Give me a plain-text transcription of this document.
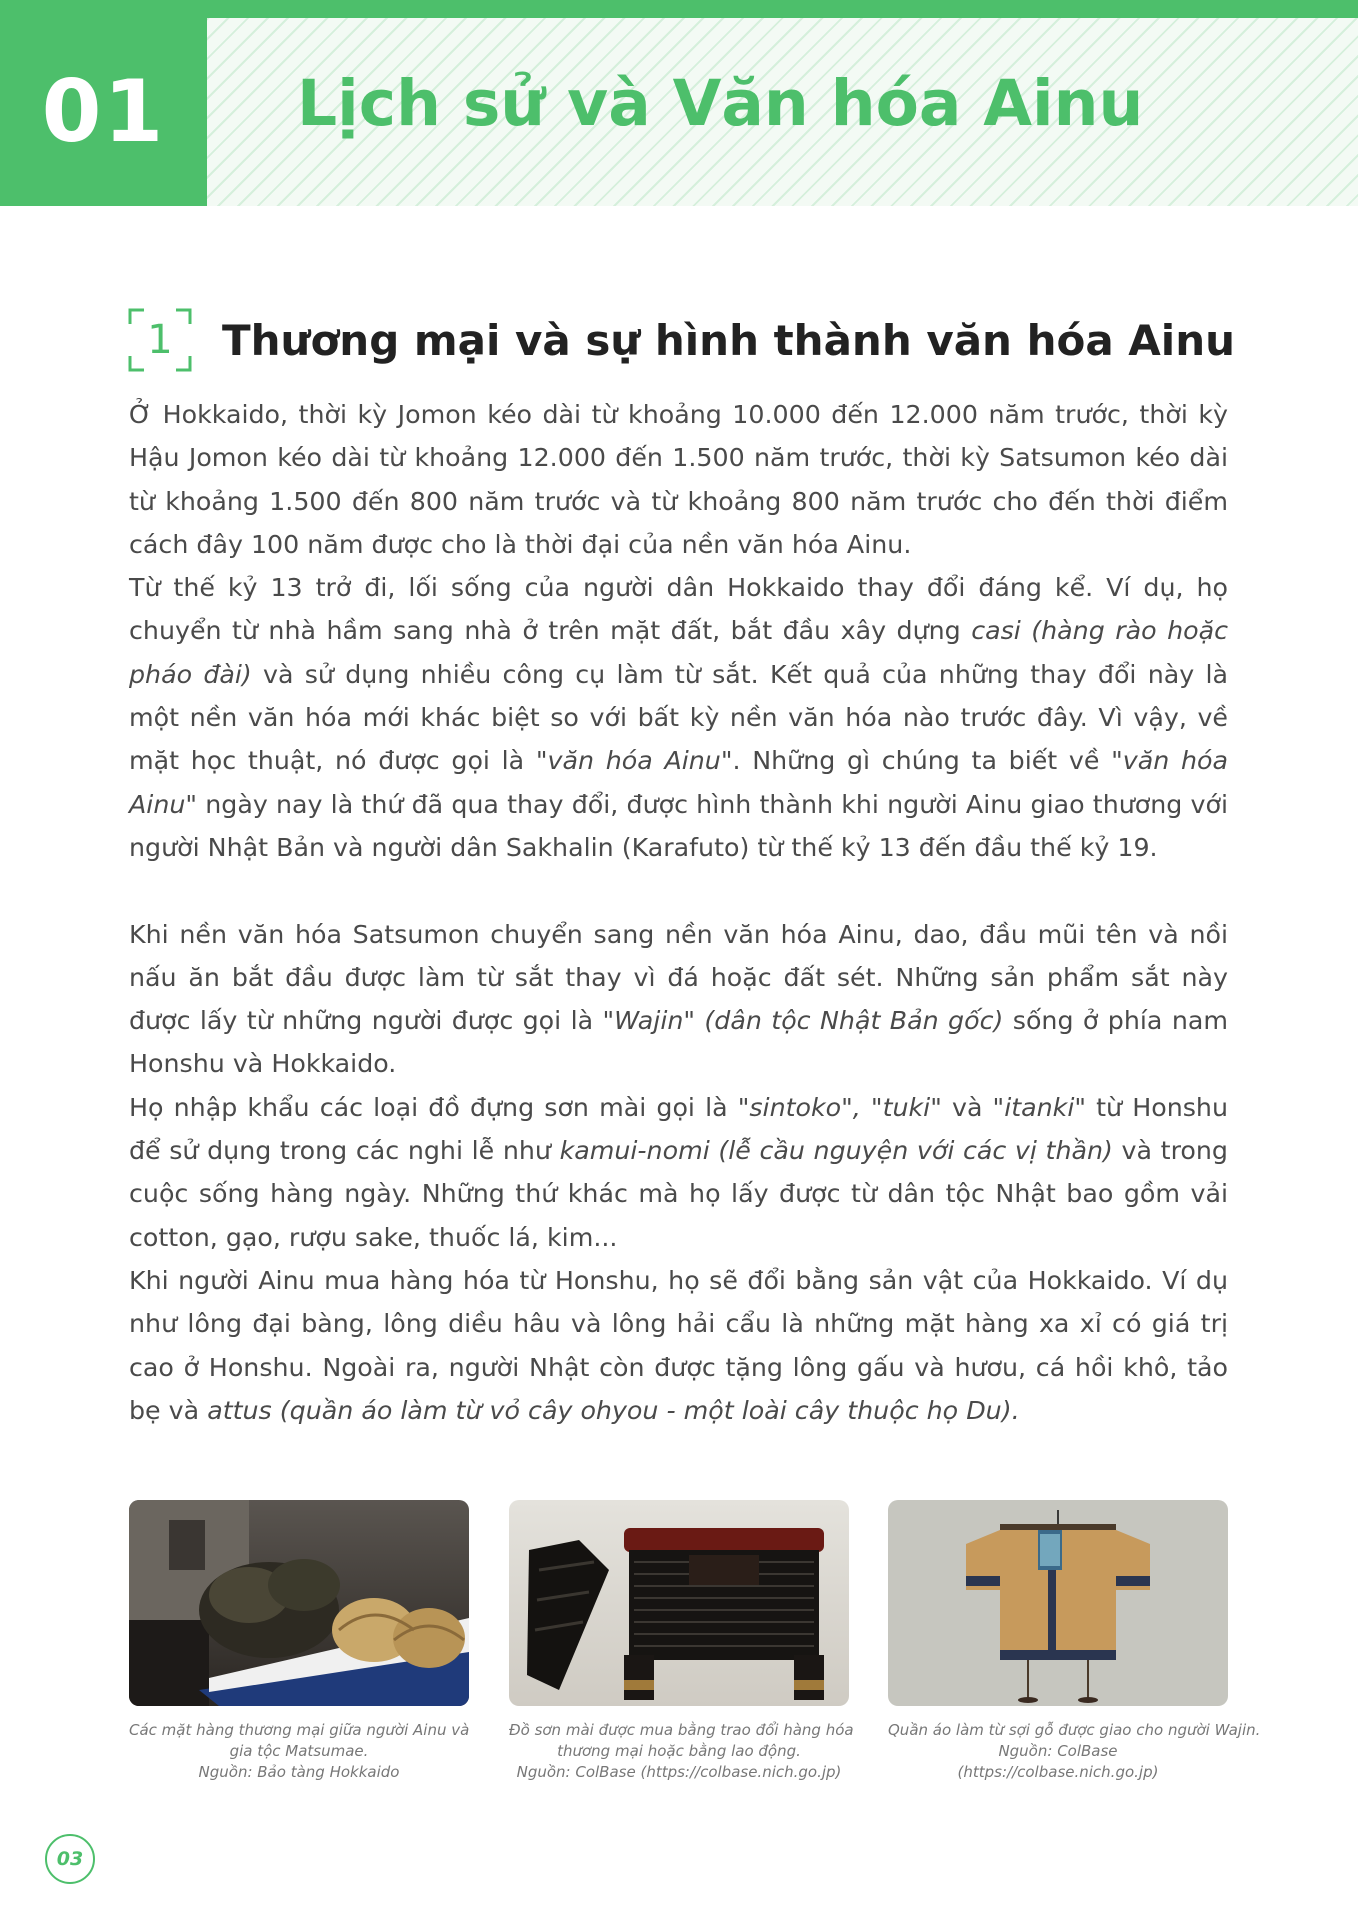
01	Lịch sử và Văn hóa Ainu
1	Thương mại và sự hình thành văn hóa Ainu

Ở Hokkaido, thời kỳ Jomon kéo dài từ khoảng 10.000 đến 12.000 năm trước, thời kỳ Hậu Jomon kéo dài từ khoảng 12.000 đến 1.500 năm trước, thời kỳ Satsumon kéo dài từ khoảng 1.500 đến 800 năm trước và từ khoảng 800 năm trước cho đến thời điểm cách đây 100 năm được cho là thời đại của nền văn hóa Ainu.

Từ thế kỷ 13 trở đi, lối sống của người dân Hokkaido thay đổi đáng kể. Ví dụ, họ chuyển từ nhà hầm sang nhà ở trên mặt đất, bắt đầu xây dựng casi (hàng rào hoặc pháo đài) và sử dụng nhiều công cụ làm từ sắt. Kết quả của những thay đổi này là một nền văn hóa mới khác biệt so với bất kỳ nền văn hóa nào trước đây. Vì vậy, về mặt học thuật, nó được gọi là "văn hóa Ainu". Những gì chúng ta biết về "văn hóa Ainu" ngày nay là thứ đã qua thay đổi, được hình thành khi người Ainu giao thương với người Nhật Bản và người dân Sakhalin (Karafuto) từ thế kỷ 13 đến đầu thế kỷ 19.

Khi nền văn hóa Satsumon chuyển sang nền văn hóa Ainu, dao, đầu mũi tên và nồi nấu ăn bắt đầu được làm từ sắt thay vì đá hoặc đất sét. Những sản phẩm sắt này được lấy từ những người được gọi là "Wajin" (dân tộc Nhật Bản gốc) sống ở phía nam Honshu và Hokkaido.

Họ nhập khẩu các loại đồ đựng sơn mài gọi là "sintoko", "tuki" và "itanki" từ Honshu để sử dụng trong các nghi lễ như kamui-nomi (lễ cầu nguyện với các vị thần) và trong cuộc sống hàng ngày. Những thứ khác mà họ lấy được từ dân tộc Nhật bao gồm vải cotton, gạo, rượu sake, thuốc lá, kim...

Khi người Ainu mua hàng hóa từ Honshu, họ sẽ đổi bằng sản vật của Hokkaido. Ví dụ như lông đại bàng, lông diều hâu và lông hải cẩu là những mặt hàng xa xỉ có giá trị cao ở Honshu. Ngoài ra, người Nhật còn được tặng lông gấu và hươu, cá hồi khô, tảo bẹ và attus (quần áo làm từ vỏ cây ohyou - một loài cây thuộc họ Du).

Các mặt hàng thương mại giữa người Ainu và
gia tộc Matsumae.
Nguồn: Bảo tàng Hokkaido
Đồ sơn mài được mua bằng trao đổi hàng hóa
thương mại hoặc bằng lao động.
Nguồn: ColBase (https://colbase.nich.go.jp)
Quần áo làm từ sợi gỗ được giao cho người Wajin.
Nguồn: ColBase
(https://colbase.nich.go.jp)
03
